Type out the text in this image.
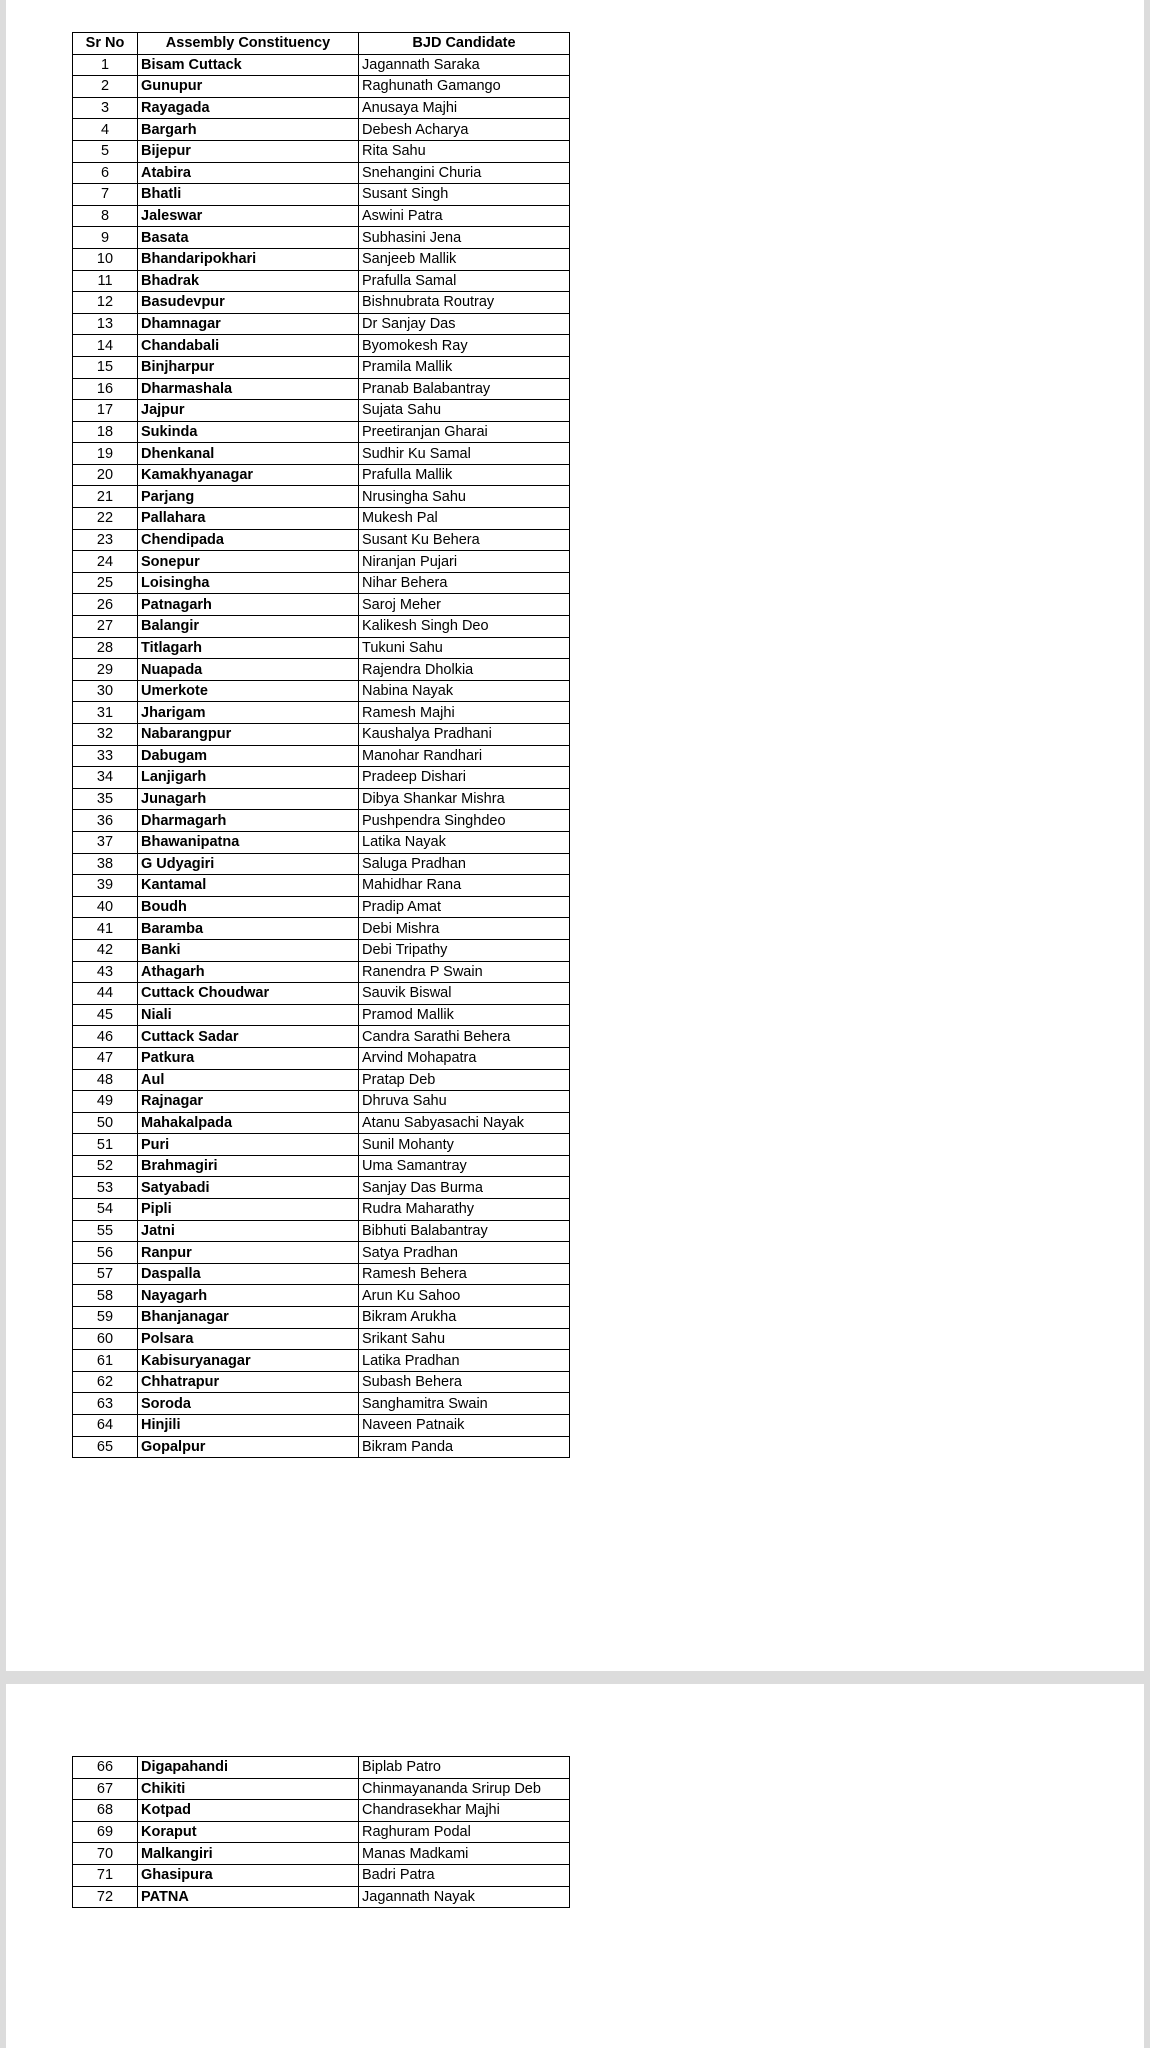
Sr No	Assembly Constituency	BJD Candidate
1	Bisam Cuttack	Jagannath Saraka
2	Gunupur	Raghunath Gamango
3	Rayagada	Anusaya Majhi
4	Bargarh	Debesh Acharya
5	Bijepur	Rita Sahu
6	Atabira	Snehangini Churia
7	Bhatli	Susant Singh
8	Jaleswar	Aswini Patra
9	Basata	Subhasini Jena
10	Bhandaripokhari	Sanjeeb Mallik
11	Bhadrak	Prafulla Samal
12	Basudevpur	Bishnubrata Routray
13	Dhamnagar	Dr Sanjay Das
14	Chandabali	Byomokesh Ray
15	Binjharpur	Pramila Mallik
16	Dharmashala	Pranab Balabantray
17	Jajpur	Sujata Sahu
18	Sukinda	Preetiranjan Gharai
19	Dhenkanal	Sudhir Ku Samal
20	Kamakhyanagar	Prafulla Mallik
21	Parjang	Nrusingha Sahu
22	Pallahara	Mukesh Pal
23	Chendipada	Susant Ku Behera
24	Sonepur	Niranjan Pujari
25	Loisingha	Nihar Behera
26	Patnagarh	Saroj Meher
27	Balangir	Kalikesh Singh Deo
28	Titlagarh	Tukuni Sahu
29	Nuapada	Rajendra Dholkia
30	Umerkote	Nabina Nayak
31	Jharigam	Ramesh Majhi
32	Nabarangpur	Kaushalya Pradhani
33	Dabugam	Manohar Randhari
34	Lanjigarh	Pradeep Dishari
35	Junagarh	Dibya Shankar Mishra
36	Dharmagarh	Pushpendra Singhdeo
37	Bhawanipatna	Latika Nayak
38	G Udyagiri	Saluga Pradhan
39	Kantamal	Mahidhar Rana
40	Boudh	Pradip Amat
41	Baramba	Debi Mishra
42	Banki	Debi Tripathy
43	Athagarh	Ranendra P Swain
44	Cuttack Choudwar	Sauvik Biswal
45	Niali	Pramod Mallik
46	Cuttack Sadar	Candra Sarathi Behera
47	Patkura	Arvind Mohapatra
48	Aul	Pratap Deb
49	Rajnagar	Dhruva Sahu
50	Mahakalpada	Atanu Sabyasachi Nayak
51	Puri	Sunil Mohanty
52	Brahmagiri	Uma Samantray
53	Satyabadi	Sanjay Das Burma
54	Pipli	Rudra Maharathy
55	Jatni	Bibhuti Balabantray
56	Ranpur	Satya Pradhan
57	Daspalla	Ramesh Behera
58	Nayagarh	Arun Ku Sahoo
59	Bhanjanagar	Bikram Arukha
60	Polsara	Srikant Sahu
61	Kabisuryanagar	Latika Pradhan
62	Chhatrapur	Subash Behera
63	Soroda	Sanghamitra Swain
64	Hinjili	Naveen Patnaik
65	Gopalpur	Bikram Panda
66	Digapahandi	Biplab Patro
67	Chikiti	Chinmayananda Srirup Deb
68	Kotpad	Chandrasekhar Majhi
69	Koraput	Raghuram Podal
70	Malkangiri	Manas Madkami
71	Ghasipura	Badri Patra
72	PATNA	Jagannath Nayak
